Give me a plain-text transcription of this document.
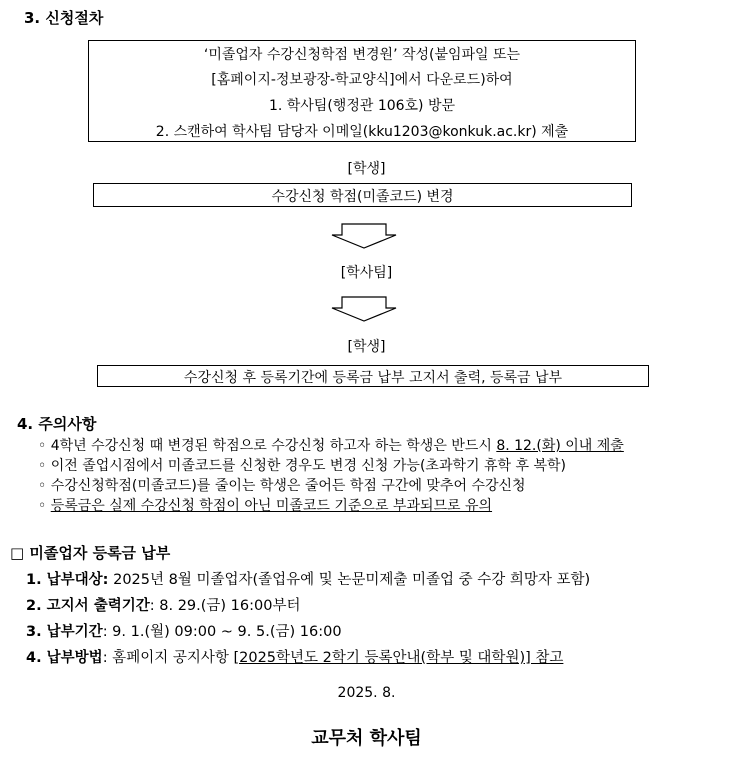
3. 신청절차
‘미졸업자 수강신청학점 변경원’ 작성(붙임파일 또는
[홈페이지-정보광장-학교양식]에서 다운로드)하여
1. 학사팀(행정관 106호) 방문
2. 스캔하여 학사팀 담당자 이메일(kku1203@konkuk.ac.kr) 제출
[학생]
수강신청 학점(미졸코드) 변경
[학사팀]
[학생]
수강신청 후 등록기간에 등록금 납부 고지서 출력, 등록금 납부
4. 주의사항
◦ 4학년 수강신청 때 변경된 학점으로 수강신청 하고자 하는 학생은 반드시 8. 12.(화) 이내 제출
◦ 이전 졸업시점에서 미졸코드를 신청한 경우도 변경 신청 가능(초과학기 휴학 후 복학)
◦ 수강신청학점(미졸코드)를 줄이는 학생은 줄어든 학점 구간에 맞추어 수강신청
◦ 등록금은 실제 수강신청 학점이 아닌 미졸코드 기준으로 부과되므로 유의
□ 미졸업자 등록금 납부
1. 납부대상: 2025년 8월 미졸업자(졸업유예 및 논문미제출 미졸업 중 수강 희망자 포함)
2. 고지서 출력기간: 8. 29.(금) 16:00부터
3. 납부기간: 9. 1.(월) 09:00 ~ 9. 5.(금) 16:00
4. 납부방법: 홈페이지 공지사항 [2025학년도 2학기 등록안내(학부 및 대학원)] 참고
2025. 8.
교무처 학사팀
